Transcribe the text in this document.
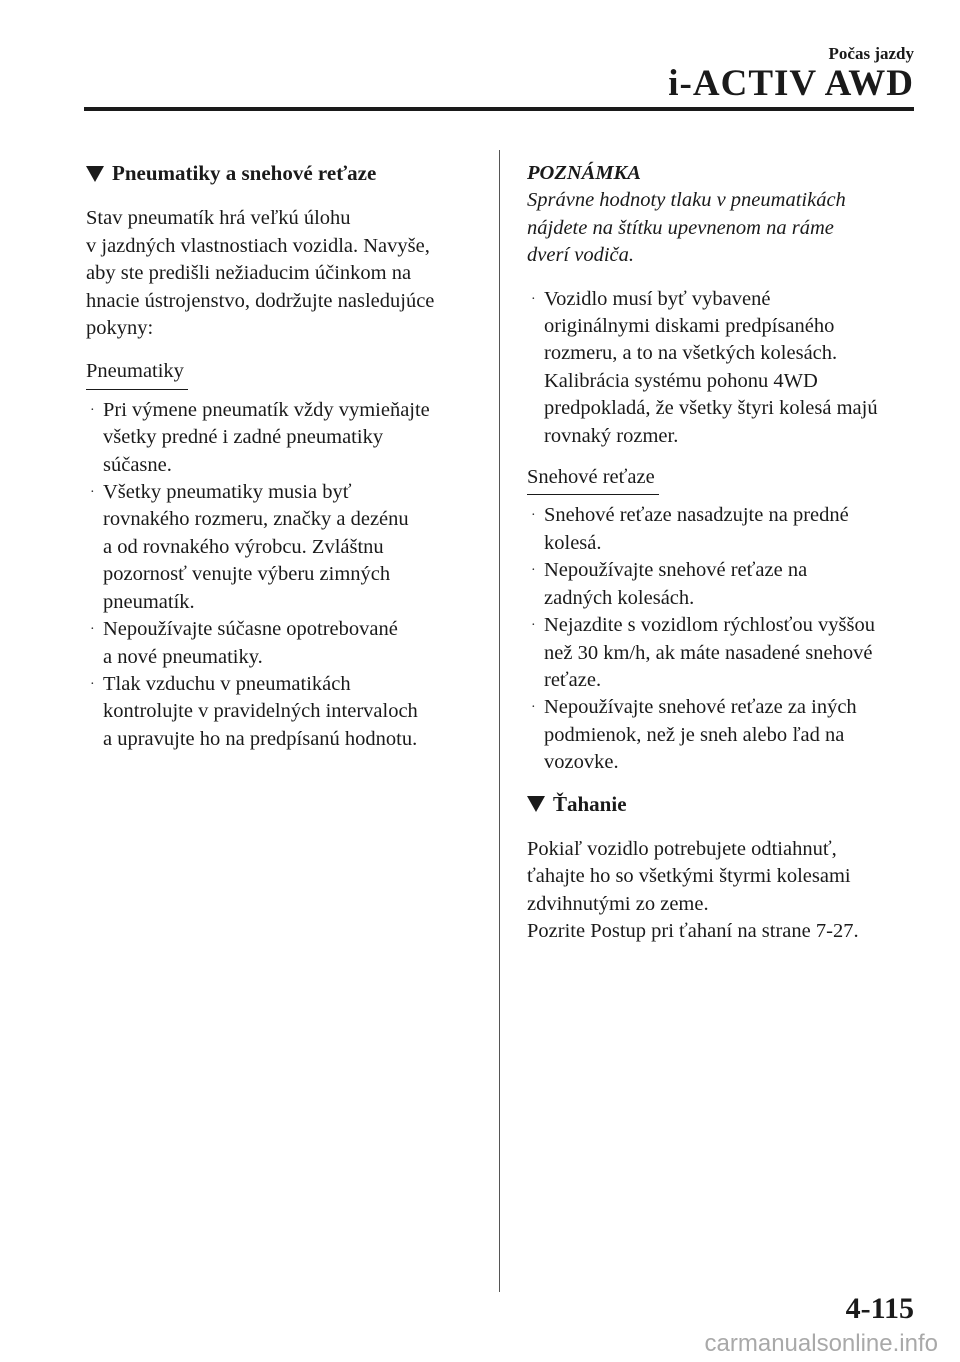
Počas jazdy
i-ACTIV AWD
Pneumatiky a snehové reťaze

Stav pneumatík hrá veľkú úlohu

v jazdných vlastnostiach vozidla. Navyše,

aby ste predišli nežiaducim účinkom na

hnacie ústrojenstvo, dodržujte nasledujúce

pokyny:

Pneumatiky
· Pri výmene pneumatík vždy vymieňajte

všetky predné i zadné pneumatiky

súčasne.

· Všetky pneumatiky musia byť

rovnakého rozmeru, značky a dezénu

a od rovnakého výrobcu. Zvláštnu

pozornosť venujte výberu zimných

pneumatík.

· Nepoužívajte súčasne opotrebované

a nové pneumatiky.

· Tlak vzduchu v pneumatikách

kontrolujte v pravidelných intervaloch

a upravujte ho na predpísanú hodnotu.

POZNÁMKA

Správne hodnoty tlaku v pneumatikách

nájdete na štítku upevnenom na ráme

dverí vodiča.

· Vozidlo musí byť vybavené

originálnymi diskami predpísaného

rozmeru, a to na všetkých kolesách.

Kalibrácia systému pohonu 4WD

predpokladá, že všetky štyri kolesá majú

rovnaký rozmer.

Snehové reťaze
· Snehové reťaze nasadzujte na predné

kolesá.

· Nepoužívajte snehové reťaze na

zadných kolesách.

· Nejazdite s vozidlom rýchlosťou vyššou

než 30 km/h, ak máte nasadené snehové

reťaze.

· Nepoužívajte snehové reťaze za iných

podmienok, než je sneh alebo ľad na

vozovke.

Ťahanie

Pokiaľ vozidlo potrebujete odtiahnuť,

ťahajte ho so všetkými štyrmi kolesami

zdvihnutými zo zeme.

Pozrite Postup pri ťahaní na strane 7-27.

4-115
carmanualsonline.info
